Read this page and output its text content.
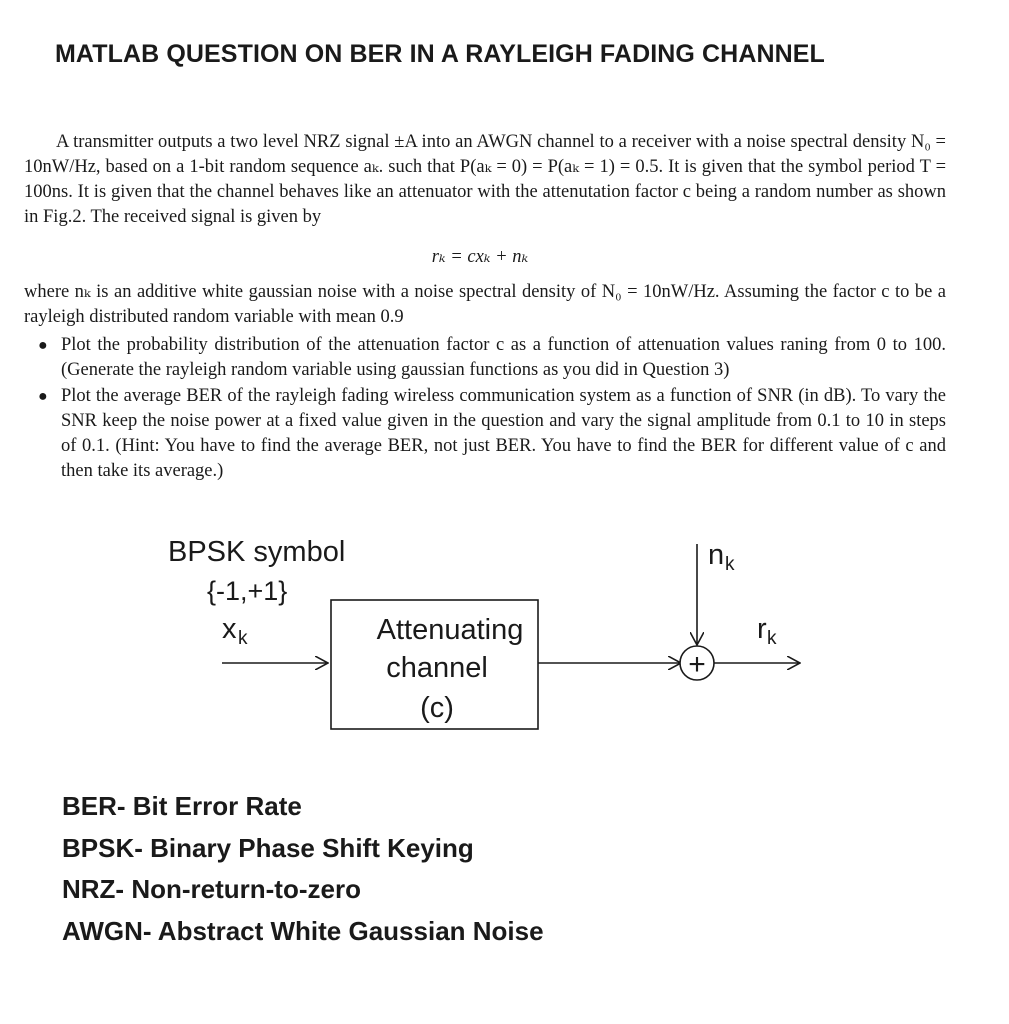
MATLAB QUESTION ON BER IN A RAYLEIGH FADING CHANNEL
A transmitter outputs a two level NRZ signal ±A into an AWGN channel to a receiver with a noise spectral density N₀ = 10nW/Hz, based on a 1-bit random sequence aₖ. such that P(aₖ = 0) = P(aₖ = 1) = 0.5. It is given that the symbol period T = 100ns. It is given that the channel behaves like an attenuator with the attenutation factor c being a random number as shown in Fig.2. The received signal is given by
rₖ = cxₖ + nₖ
where nₖ is an additive white gaussian noise with a noise spectral density of N₀ = 10nW/Hz. Assuming the factor c to be a rayleigh distributed random variable with mean 0.9
● Plot the probability distribution of the attenuation factor c as a function of attenuation values raning from 0 to 100. (Generate the rayleigh random variable using gaussian functions as you did in Question 3)
● Plot the average BER of the rayleigh fading wireless communication system as a function of SNR (in dB). To vary the SNR keep the noise power at a fixed value given in the question and vary the signal amplitude from 0.1 to 10 in steps of 0.1. (Hint: You have to find the average BER, not just BER. You have to find the BER for different value of c and then take its average.)
BPSK symbol
{-1,+1}
x k	Attenuating
channel
(c)
n k
+
r k
BER- Bit Error Rate
BPSK- Binary Phase Shift Keying
NRZ- Non-return-to-zero
AWGN- Abstract White Gaussian Noise
